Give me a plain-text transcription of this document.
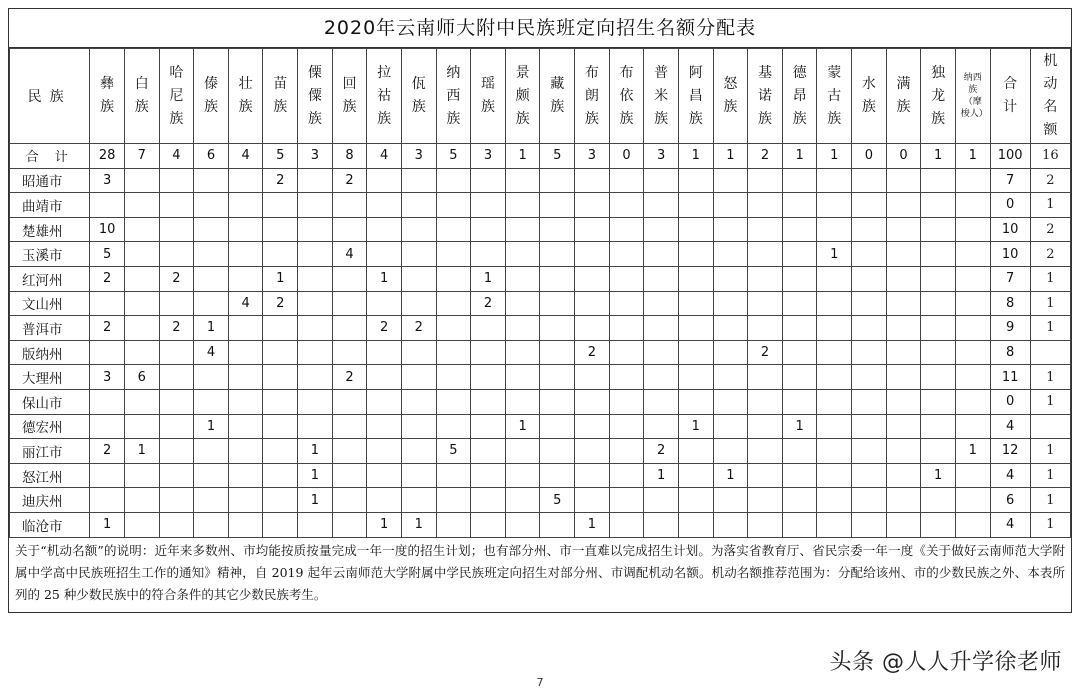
2020年云南师大附中民族班定向招生名额分配表
民族	彝族	白族	哈尼族	傣族	壮族	苗族	傈僳族	回族	拉祜族	佤族	纳西族	瑶族	景颇族	藏族	布朗族	布依族	普米族	阿昌族	怒族	基诺族	德昂族	蒙古族	水族	满族	独龙族	纳西族（摩梭人）	合计	机动名额
合 计	28	7	4	6	4	5	3	8	4	3	5	3	1	5	3	0	3	1	1	2	1	1	0	0	1	1	100	16
昭通市	3					2		2																			7	2
曲靖市																											0	1
楚雄州	10																										10	2
玉溪市	5							4														1					10	2
红河州	2		2			1			1			1															7	1
文山州					4	2						2															8	1
普洱市	2		2	1					2	2																	9	1
版纳州				4											2					2							8	
大理州	3	6						2																			11	1
保山市																											0	1
德宏州				1									1					1			1						4	
丽江市	2	1					1				5						2									1	12	1
怒江州							1										1		1						1		4	1
迪庆州							1							5													6	1
临沧市	1								1	1					1												4	1
关于“机动名额”的说明：近年来多数州、市均能按质按量完成一年一度的招生计划；也有部分州、市一直难以完成招生计划。为落实省教育厅、省民宗委一年一度《关于做好云南师范大学附属中学高中民族班招生工作的通知》精神，自 2019 起年云南师范大学附属中学民族班定向招生对部分州、市调配机动名额。机动名额推荐范围为：分配给该州、市的少数民族之外、本表所列的 25 种少数民族中的符合条件的其它少数民族考生。
头条 @人人升学徐老师
7
